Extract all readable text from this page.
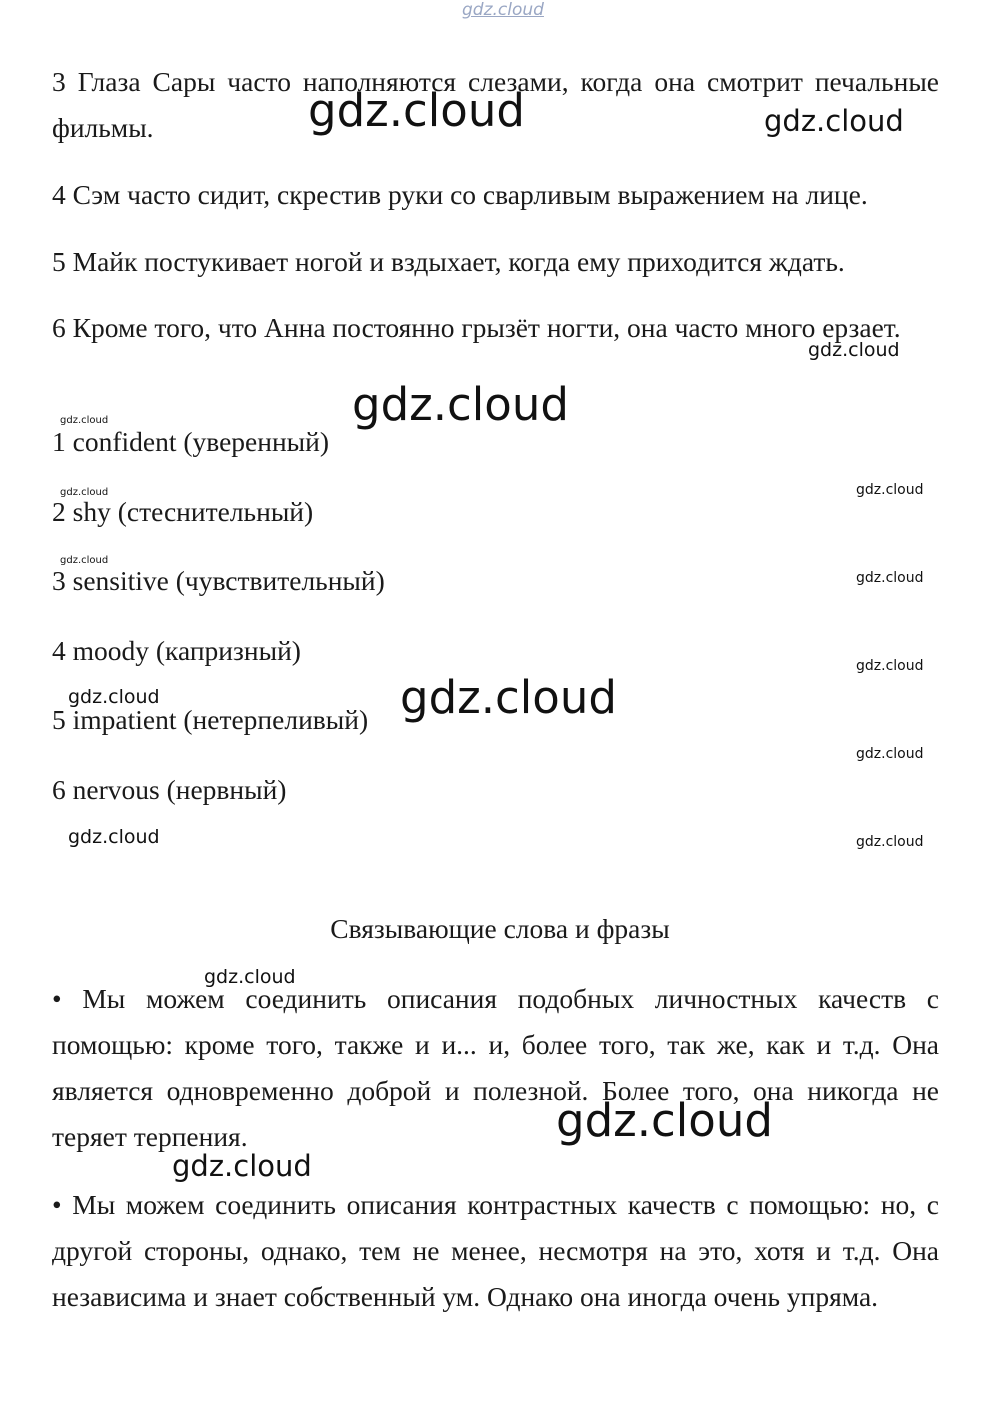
gdz.cloud

3 Глаза Сары часто наполняются слезами, когда она смотрит печальные фильмы.

4 Сэм часто сидит, скрестив руки со сварливым выражением на лице.

5 Майк постукивает ногой и вздыхает, когда ему приходится ждать.

6 Кроме того, что Анна постоянно грызёт ногти, она часто много ерзает.

1 confident (уверенный)

2 shy (стеснительный)

3 sensitive (чувствительный)

4 moody (капризный)

5 impatient (нетерпеливый)

6 nervous (нервный)

Связывающие слова и фразы

• Мы можем соединить описания подобных личностных качеств с помощью: кроме того, также и и... и, более того, так же, как и т.д. Она является одновременно доброй и полезной. Более того, она никогда не теряет терпения.

• Мы можем соединить описания контрастных качеств с помощью: но, с другой стороны, однако, тем не менее, несмотря на это, хотя и т.д. Она независима и знает собственный ум. Однако она иногда очень упряма.

gdz.cloud	gdz.cloud
gdz.cloud
gdz.cloud
gdz.cloud
gdz.cloud	gdz.cloud
gdz.cloud
gdz.cloud
gdz.cloud
gdz.cloud	gdz.cloud
gdz.cloud
gdz.cloud	gdz.cloud
gdz.cloud
gdz.cloud
gdz.cloud
